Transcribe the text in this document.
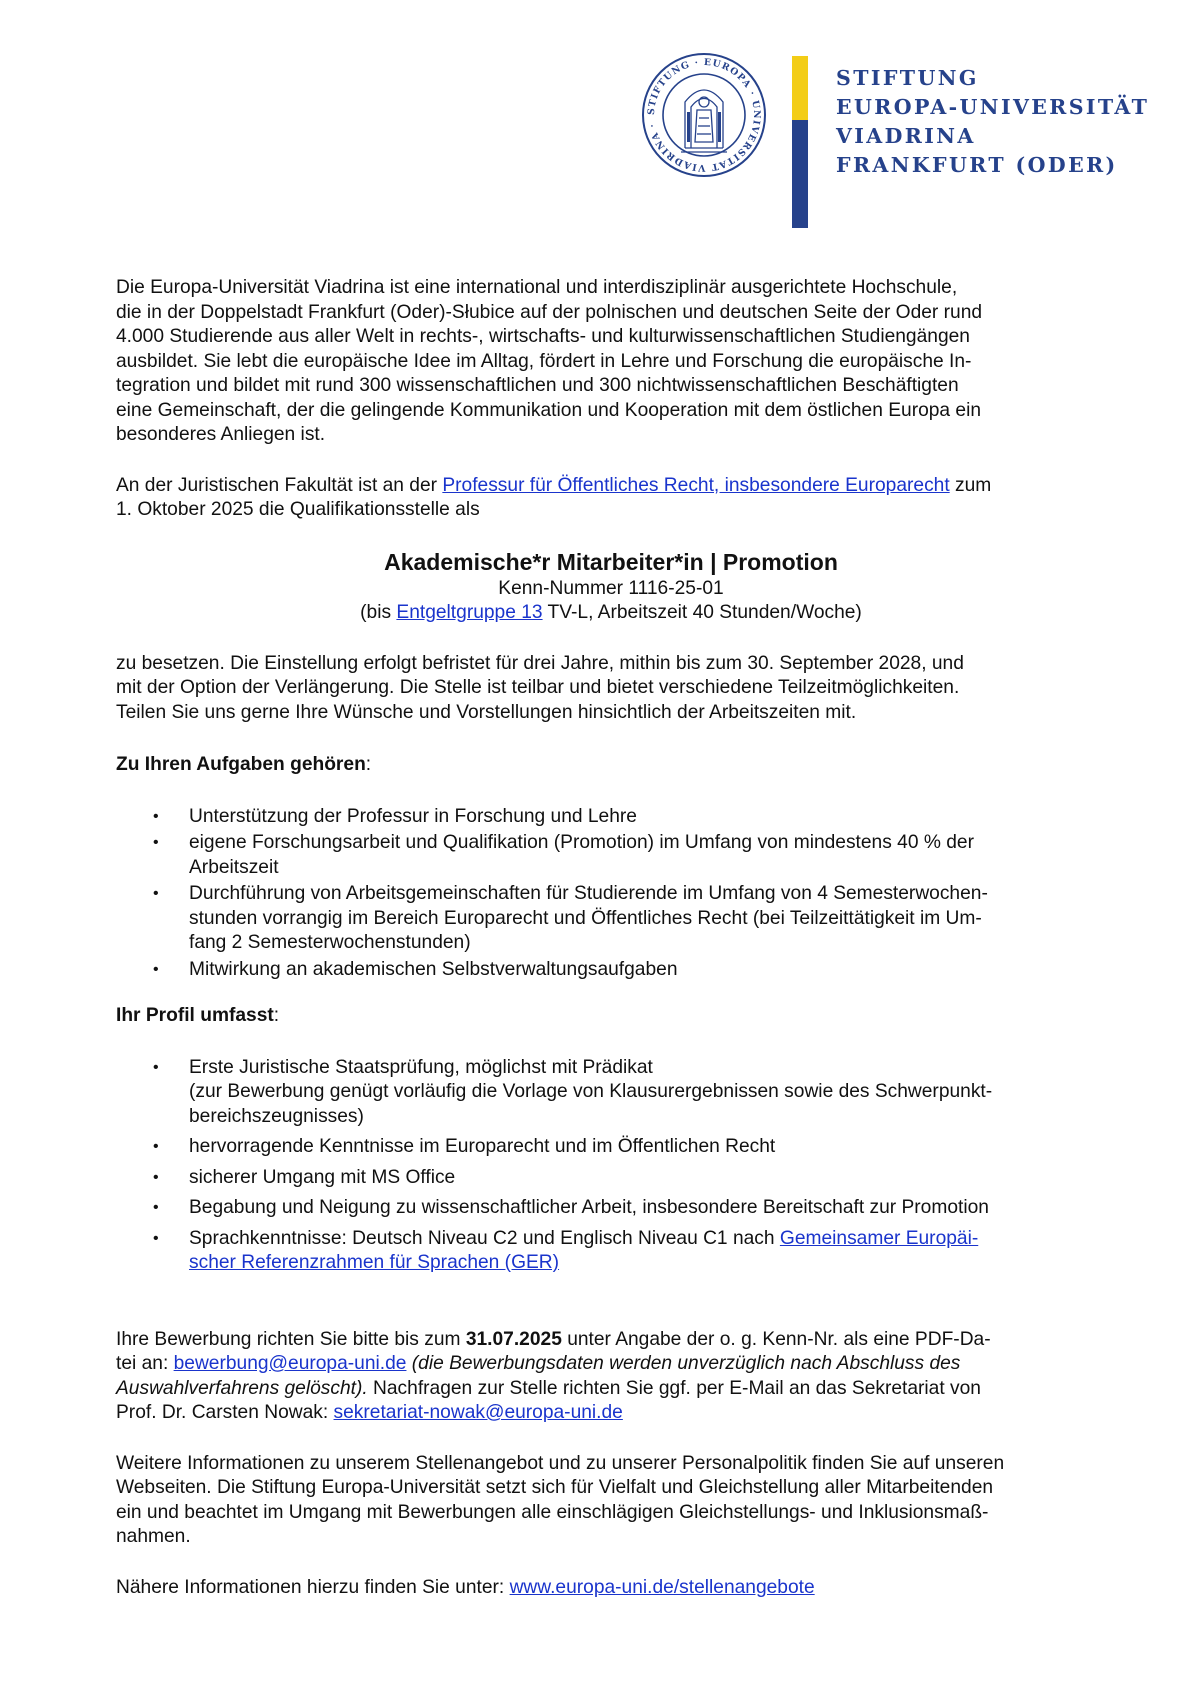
STIFTUNG · EUROPA · UNIVERSITAT VIADRINA ·
STIFTUNG
EUROPA-UNIVERSITÄT
VIADRINA
FRANKFURT (ODER)

Die Europa-Universität Viadrina ist eine international und interdisziplinär ausgerichtete Hochschule,
die in der Doppelstadt Frankfurt (Oder)-Słubice auf der polnischen und deutschen Seite der Oder rund
4.000 Studierende aus aller Welt in rechts-, wirtschafts- und kulturwissenschaftlichen Studiengängen
ausbildet. Sie lebt die europäische Idee im Alltag, fördert in Lehre und Forschung die europäische In-
tegration und bildet mit rund 300 wissenschaftlichen und 300 nichtwissenschaftlichen Beschäftigten
eine Gemeinschaft, der die gelingende Kommunikation und Kooperation mit dem östlichen Europa ein
besonderes Anliegen ist.

An der Juristischen Fakultät ist an der Professur für Öffentliches Recht, insbesondere Europarecht zum
1. Oktober 2025 die Qualifikationsstelle als

Akademische*r Mitarbeiter*in | Promotion
Kenn-Nummer 1116-25-01
(bis Entgeltgruppe 13 TV-L, Arbeitszeit 40 Stunden/Woche)

zu besetzen. Die Einstellung erfolgt befristet für drei Jahre, mithin bis zum 30. September 2028, und
mit der Option der Verlängerung. Die Stelle ist teilbar und bietet verschiedene Teilzeitmöglichkeiten.
Teilen Sie uns gerne Ihre Wünsche und Vorstellungen hinsichtlich der Arbeitszeiten mit.

Zu Ihren Aufgaben gehören:

• Unterstützung der Professur in Forschung und Lehre
• eigene Forschungsarbeit und Qualifikation (Promotion) im Umfang von mindestens 40 % der
Arbeitszeit
• Durchführung von Arbeitsgemeinschaften für Studierende im Umfang von 4 Semesterwochen-
stunden vorrangig im Bereich Europarecht und Öffentliches Recht (bei Teilzeittätigkeit im Um-
fang 2 Semesterwochenstunden)
• Mitwirkung an akademischen Selbstverwaltungsaufgaben

Ihr Profil umfasst:

• Erste Juristische Staatsprüfung, möglichst mit Prädikat
(zur Bewerbung genügt vorläufig die Vorlage von Klausurergebnissen sowie des Schwerpunkt-
bereichszeugnisses)
• hervorragende Kenntnisse im Europarecht und im Öffentlichen Recht
• sicherer Umgang mit MS Office
• Begabung und Neigung zu wissenschaftlicher Arbeit, insbesondere Bereitschaft zur Promotion
• Sprachkenntnisse: Deutsch Niveau C2 und Englisch Niveau C1 nach Gemeinsamer Europäi-
scher Referenzrahmen für Sprachen (GER)

Ihre Bewerbung richten Sie bitte bis zum 31.07.2025 unter Angabe der o. g. Kenn-Nr. als eine PDF-Da-
tei an: bewerbung@europa-uni.de (die Bewerbungsdaten werden unverzüglich nach Abschluss des
Auswahlverfahrens gelöscht). Nachfragen zur Stelle richten Sie ggf. per E-Mail an das Sekretariat von
Prof. Dr. Carsten Nowak: sekretariat-nowak@europa-uni.de

Weitere Informationen zu unserem Stellenangebot und zu unserer Personalpolitik finden Sie auf unseren
Webseiten. Die Stiftung Europa-Universität setzt sich für Vielfalt und Gleichstellung aller Mitarbeitenden
ein und beachtet im Umgang mit Bewerbungen alle einschlägigen Gleichstellungs- und Inklusionsmaß-
nahmen.

Nähere Informationen hierzu finden Sie unter: www.europa-uni.de/stellenangebote
